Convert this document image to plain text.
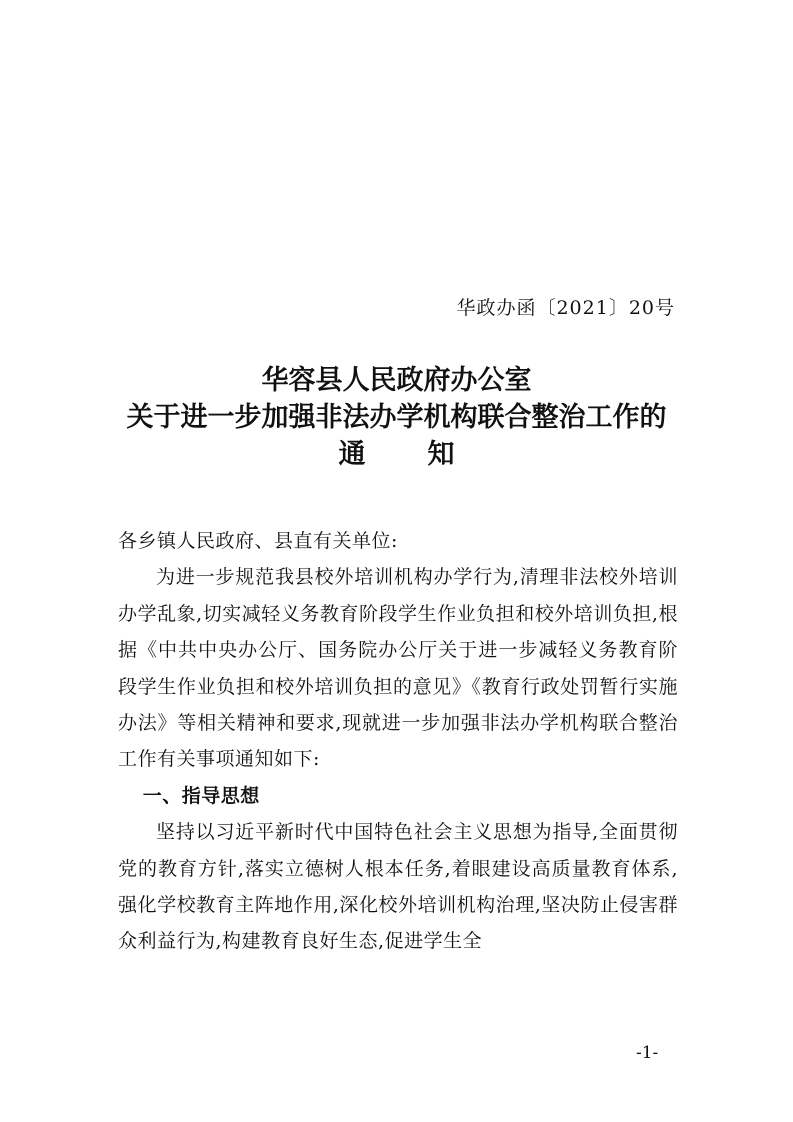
华政办函〔2021〕20号
华容县人民政府办公室
关于进一步加强非法办学机构联合整治工作的
通知

各乡镇人民政府、县直有关单位:

为进一步规范我县校外培训机构办学行为,清理非法校外培训办学乱象,切实减轻义务教育阶段学生作业负担和校外培训负担,根据《中共中央办公厅、国务院办公厅关于进一步减轻义务教育阶段学生作业负担和校外培训负担的意见》《教育行政处罚暂行实施办法》等相关精神和要求,现就进一步加强非法办学机构联合整治工作有关事项通知如下:

一、指导思想

坚持以习近平新时代中国特色社会主义思想为指导,全面贯彻党的教育方针,落实立德树人根本任务,着眼建设高质量教育体系,强化学校教育主阵地作用,深化校外培训机构治理,坚决防止侵害群众利益行为,构建教育良好生态,促进学生全

-1-
